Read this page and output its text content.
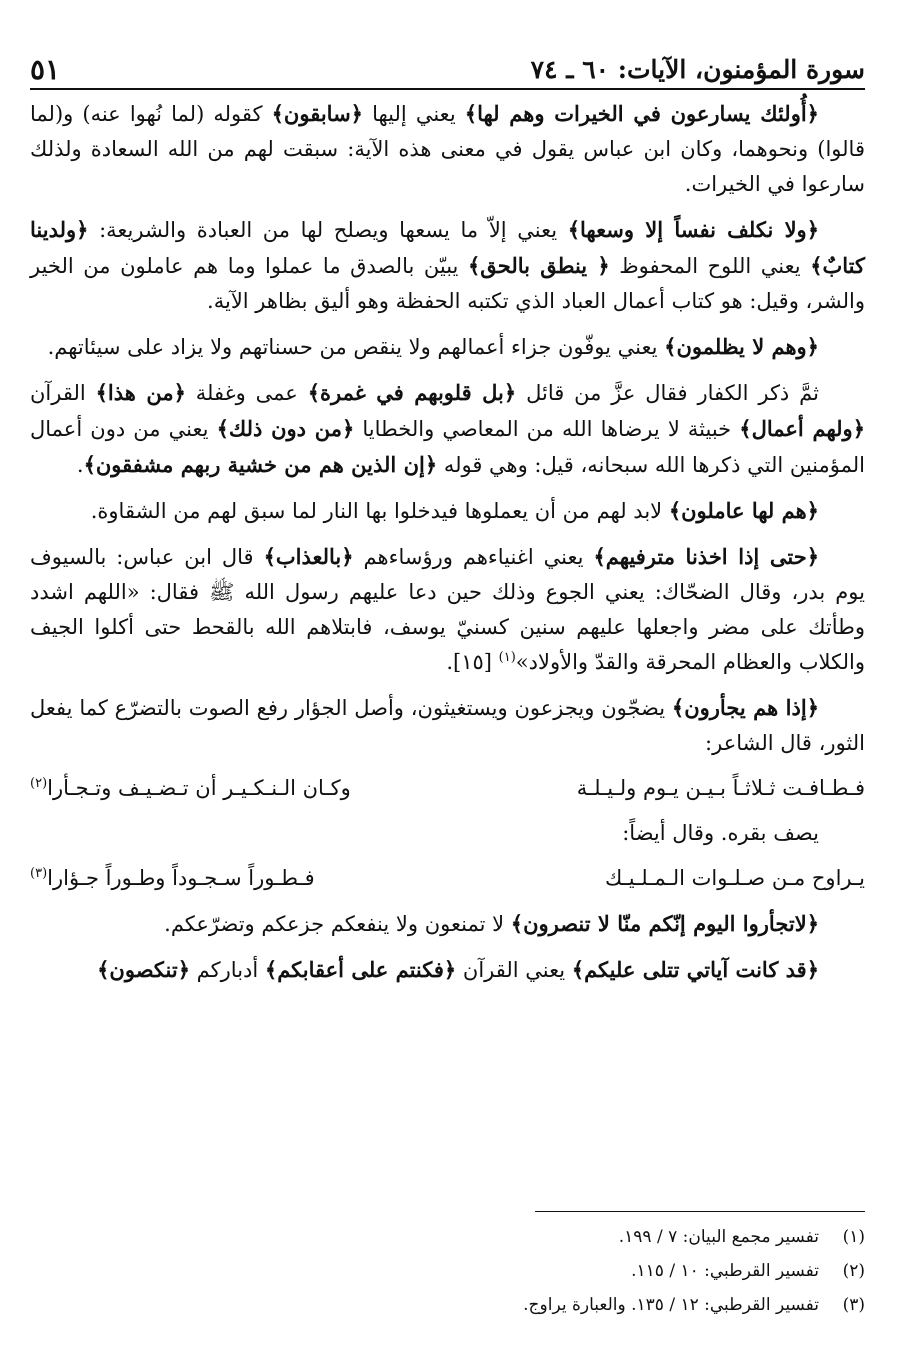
سورة المؤمنون، الآيات: ٦٠ ـ ٧٤
٥١

﴿أُولئك يسارعون في الخيرات وهم لها﴾ يعني إليها ﴿سابقون﴾ كقوله (لما نُهوا عنه) و(لما قالوا) ونحوهما، وكان ابن عباس يقول في معنى هذه الآية: سبقت لهم من الله السعادة ولذلك سارعوا في الخيرات.

﴿ولا نكلف نفساً إلا وسعها﴾ يعني إلاّ ما يسعها ويصلح لها من العبادة والشريعة: ﴿ولدينا كتابٌ﴾ يعني اللوح المحفوظ ﴿ ينطق بالحق﴾ يبيّن بالصدق ما عملوا وما هم عاملون من الخير والشر، وقيل: هو كتاب أعمال العباد الذي تكتبه الحفظة وهو أليق بظاهر الآية.

﴿وهم لا يظلمون﴾ يعني يوفّون جزاء أعمالهم ولا ينقص من حسناتهم ولا يزاد على سيئاتهم.

ثمَّ ذكر الكفار فقال عزَّ من قائل ﴿بل قلوبهم في غمرة﴾ عمى وغفلة ﴿من هذا﴾ القرآن ﴿ولهم أعمال﴾ خبيثة لا يرضاها الله من المعاصي والخطايا ﴿من دون ذلك﴾ يعني من دون أعمال المؤمنين التي ذكرها الله سبحانه، قيل: وهي قوله ﴿إن الذين هم من خشية ربهم مشفقون﴾.

﴿هم لها عاملون﴾ لابد لهم من أن يعملوها فيدخلوا بها النار لما سبق لهم من الشقاوة.

﴿حتى إذا اخذنا مترفيهم﴾ يعني اغنياءهم ورؤساءهم ﴿بالعذاب﴾ قال ابن عباس: بالسيوف يوم بدر، وقال الضحّاك: يعني الجوع وذلك حين دعا عليهم رسول الله ﷺ فقال: «اللهم اشدد وطأتك على مضر واجعلها عليهم سنين كسنيّ يوسف، فابتلاهم الله بالقحط حتى أكلوا الجيف والكلاب والعظام المحرقة والقدّ والأولاد»$^{(١)}$ [١٥].

﴿إذا هم يجأرون﴾ يضجّون ويجزعون ويستغيثون، وأصل الجؤار رفع الصوت بالتضرّع كما يفعل الثور، قال الشاعر:

فـطـافـت ثـلاثـاً بـيـن يـوم ولـيـلـة
وكـان الـنـكـيـر أن تـضـيـف وتـجـأرا$^{(٢)}$

يصف بقره. وقال أيضاً:

يـراوح مـن صـلـوات الـمـلـيـك
فـطـوراً سـجـوداً وطـوراً جـؤارا$^{(٣)}$

﴿لاتجأروا اليوم إنّكم منّا لا تنصرون﴾ لا تمنعون ولا ينفعكم جزعكم وتضرّعكم.

﴿قد كانت آياتي تتلى عليكم﴾ يعني القرآن ﴿فكنتم على أعقابكم﴾ أدباركم ﴿تنكصون﴾

(١)
تفسير مجمع البيان: ٧ / ١٩٩.
(٢)
تفسير القرطبي: ١٠ / ١١٥.
(٣)
تفسير القرطبي: ١٢ / ١٣٥. والعبارة يراوج.
